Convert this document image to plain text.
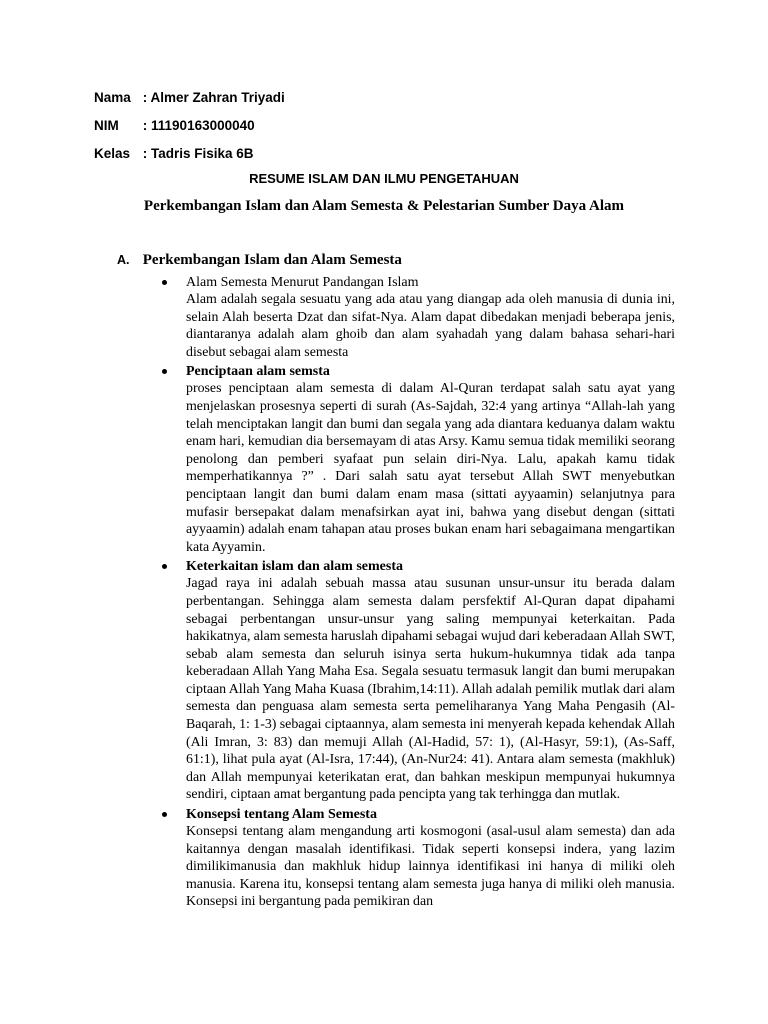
Nama : Almer Zahran Triyadi
NIM : 11190163000040
Kelas : Tadris Fisika 6B
RESUME ISLAM DAN ILMU PENGETAHUAN
Perkembangan Islam dan Alam Semesta & Pelestarian Sumber Daya Alam
A. Perkembangan Islam dan Alam Semesta
Alam Semesta Menurut Pandangan Islam
Alam adalah segala sesuatu yang ada atau yang diangap ada oleh manusia di dunia ini, selain Alah beserta Dzat dan sifat-Nya. Alam dapat dibedakan menjadi beberapa jenis, diantaranya adalah alam ghoib dan alam syahadah yang dalam bahasa sehari-hari disebut sebagai alam semesta
Penciptaan alam semsta
proses penciptaan alam semesta di dalam Al-Quran terdapat salah satu ayat yang menjelaskan prosesnya seperti di surah (As-Sajdah, 32:4 yang artinya “Allah-lah yang telah menciptakan langit dan bumi dan segala yang ada diantara keduanya dalam waktu enam hari, kemudian dia bersemayam di atas Arsy. Kamu semua tidak memiliki seorang penolong dan pemberi syafaat pun selain diri-Nya. Lalu, apakah kamu tidak memperhatikannya ?” . Dari salah satu ayat tersebut Allah SWT menyebutkan penciptaan langit dan bumi dalam enam masa (sittati ayyaamin) selanjutnya para mufasir bersepakat dalam menafsirkan ayat ini, bahwa yang disebut dengan (sittati ayyaamin) adalah enam tahapan atau proses bukan enam hari sebagaimana mengartikan kata Ayyamin.
Keterkaitan islam dan alam semesta
Jagad raya ini adalah sebuah massa atau susunan unsur-unsur itu berada dalam perbentangan. Sehingga alam semesta dalam persfektif Al-Quran dapat dipahami sebagai perbentangan unsur-unsur yang saling mempunyai keterkaitan. Pada hakikatnya, alam semesta haruslah dipahami sebagai wujud dari keberadaan Allah SWT, sebab alam semesta dan seluruh isinya serta hukum-hukumnya tidak ada tanpa keberadaan Allah Yang Maha Esa. Segala sesuatu termasuk langit dan bumi merupakan ciptaan Allah Yang Maha Kuasa (Ibrahim,14:11). Allah adalah pemilik mutlak dari alam semesta dan penguasa alam semesta serta pemeliharanya Yang Maha Pengasih (Al-Baqarah, 1: 1-3) sebagai ciptaannya, alam semesta ini menyerah kepada kehendak Allah (Ali Imran, 3: 83) dan memuji Allah (Al-Hadid, 57: 1), (Al-Hasyr, 59:1), (As-Saff, 61:1), lihat pula ayat (Al-Isra, 17:44), (An-Nur24: 41). Antara alam semesta (makhluk) dan Allah mempunyai keterikatan erat, dan bahkan meskipun mempunyai hukumnya sendiri, ciptaan amat bergantung pada pencipta yang tak terhingga dan mutlak.
Konsepsi tentang Alam Semesta
Konsepsi tentang alam mengandung arti kosmogoni (asal-usul alam semesta) dan ada kaitannya dengan masalah identifikasi. Tidak seperti konsepsi indera, yang lazim dimilikimanusia dan makhluk hidup lainnya identifikasi ini hanya di miliki oleh manusia. Karena itu, konsepsi tentang alam semesta juga hanya di miliki oleh manusia. Konsepsi ini bergantung pada pemikiran dan
